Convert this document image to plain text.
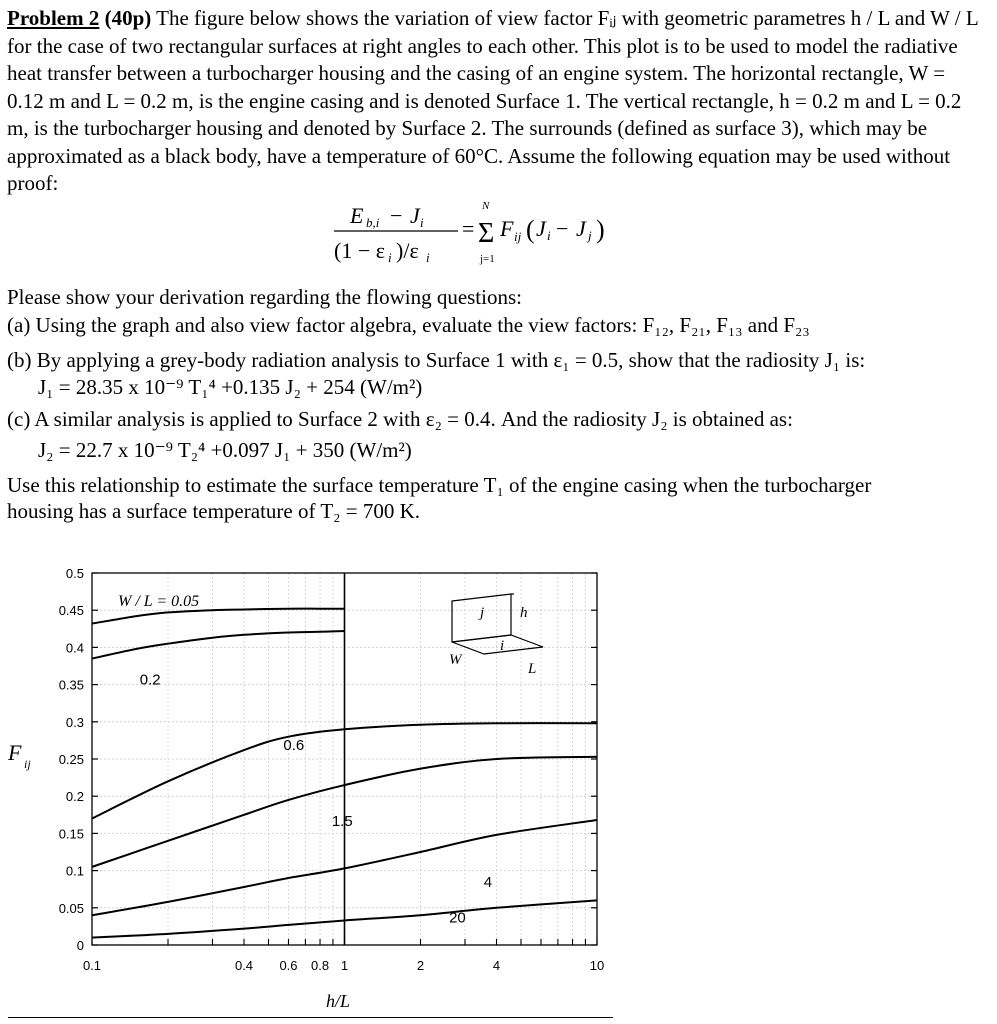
Problem 2 (40p) The figure below shows the variation of view factor Fᵢⱼ with geometric parametres h / L and W / L for the case of two rectangular surfaces at right angles to each other. This plot is to be used to model the radiative heat transfer between a turbocharger housing and the casing of an engine system. The horizontal rectangle, W = 0.12 m and L = 0.2 m, is the engine casing and is denoted Surface 1. The vertical rectangle, h = 0.2 m and L = 0.2 m, is the turbocharger housing and denoted by Surface 2. The surrounds (defined as surface 3), which may be approximated as a black body, have a temperature of 60°C. Assume the following equation may be used without proof:

E b,i − J i
(1 − ε i )/ε i
=
N
Σ
j=1
F ij ( J i − J j )
Please show your derivation regarding the flowing questions:
(a) Using the graph and also view factor algebra, evaluate the view factors: F₁₂, F₂₁, F₁₃ and F₂₃
(b) By applying a grey-body radiation analysis to Surface 1 with ε₁ = 0.5, show that the radiosity J₁ is:
J₁ = 28.35 x 10⁻⁹ T₁⁴ +0.135 J₂ + 254 (W/m²)
(c) A similar analysis is applied to Surface 2 with ε₂ = 0.4. And the radiosity J₂ is obtained as:
J₂ = 22.7 x 10⁻⁹ T₂⁴ +0.097 J₁ + 350 (W/m²)
Use this relationship to estimate the surface temperature T₁ of the engine casing when the turbocharger
housing has a surface temperature of T₂ = 700 K.
0
0.05
0.1
0.15
0.2
0.25
0.3
0.35
0.4
0.45
0.5
0.1	0.4 0.6 0.8 1	2	4	10
0.2
0.6
1.5
4
20
j h
i
W
L
W / L = 0.05
F ij
h/L
